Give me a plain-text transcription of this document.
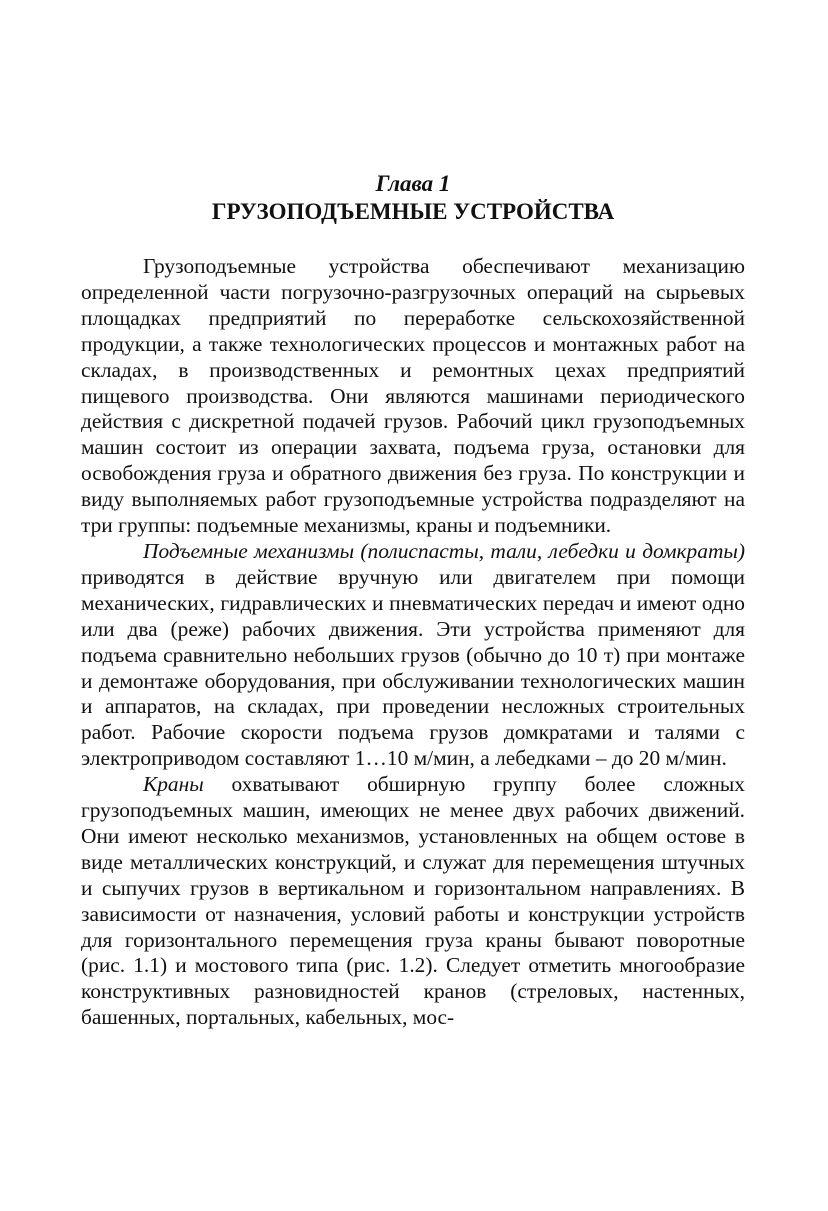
Глава 1
ГРУЗОПОДЪЕМНЫЕ УСТРОЙСТВА

Грузоподъемные устройства обеспечивают механизацию определенной части погрузочно-разгрузочных операций на сырьевых площадках предприятий по переработке сельскохозяйственной продукции, а также технологических процессов и монтажных работ на складах, в производственных и ремонтных цехах предприятий пищевого производства. Они являются машинами периодического действия с дискретной подачей грузов. Рабочий цикл грузоподъемных машин состоит из операции захвата, подъема груза, остановки для освобождения груза и обратного движения без груза. По конструкции и виду выполняемых работ грузоподъемные устройства подразделяют на три группы: подъемные механизмы, краны и подъемники.

Подъемные механизмы (полиспасты, тали, лебедки и домкраты) приводятся в действие вручную или двигателем при помощи механических, гидравлических и пневматических передач и имеют одно или два (реже) рабочих движения. Эти устройства применяют для подъема сравнительно небольших грузов (обычно до 10 т) при монтаже и демонтаже оборудования, при обслуживании технологических машин и аппаратов, на складах, при проведении несложных строительных работ. Рабочие скорости подъема грузов домкратами и талями с электроприводом составляют 1…10 м/мин, а лебедками – до 20 м/мин.

Краны охватывают обширную группу более сложных грузоподъемных машин, имеющих не менее двух рабочих движений. Они имеют несколько механизмов, установленных на общем остове в виде металлических конструкций, и служат для перемещения штучных и сыпучих грузов в вертикальном и горизонтальном направлениях. В зависимости от назначения, условий работы и конструкции устройств для горизонтального перемещения груза краны бывают поворотные (рис. 1.1) и мостового типа (рис. 1.2). Следует отметить многообразие конструктивных разновидностей кранов (стреловых, настенных, башенных, портальных, кабельных, мос-
